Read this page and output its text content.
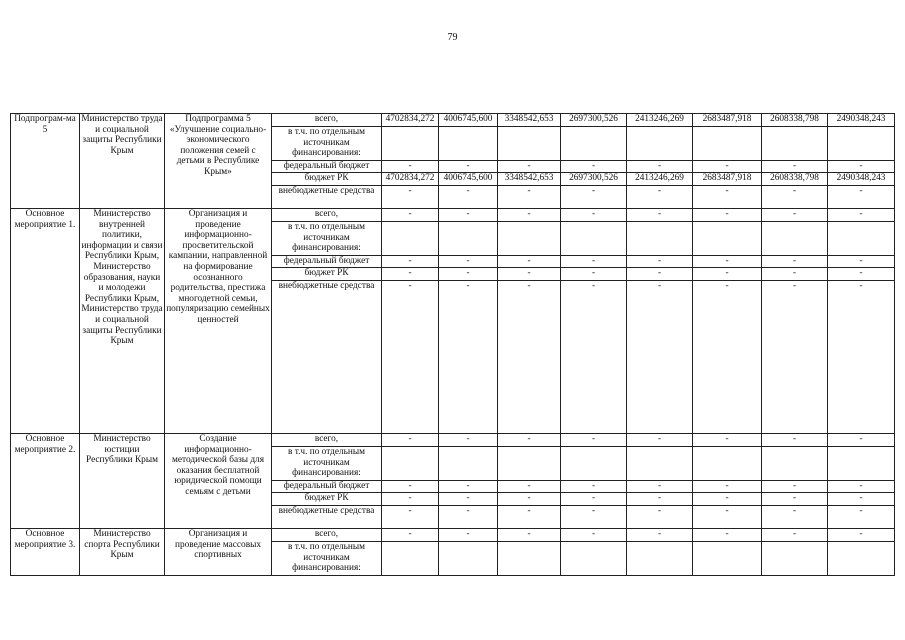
79
Подпрограм-ма 5	Министерство труда и социальной защиты Республики Крым	Подпрограмма 5 «Улучшение социально-экономического положения семей с детьми в Республике Крым»	всего,	4702834,272	4006745,600	3348542,653	2697300,526	2413246,269	2683487,918	2608338,798	2490348,243
			в т.ч. по отдельным источникам финансирования:								
			федеральный бюджет	-	-	-	-	-	-	-	-
			бюджет РК	4702834,272	4006745,600	3348542,653	2697300,526	2413246,269	2683487,918	2608338,798	2490348,243
			внебюджетные средства	-	-	-	-	-	-	-	-

Основное мероприятие 1.	Министерство внутренней политики, информации и связи Республики Крым, Министерство образования, науки и молодежи Республики Крым, Министерство труда и социальной защиты Республики Крым	Организация и проведение информационно-просветительской кампании, направленной на формирование осознанного родительства, престижа многодетной семьи, популяризацию семейных ценностей	всего,	-	-	-	-	-	-	-	-
			в т.ч. по отдельным источникам финансирования:								
			федеральный бюджет	-	-	-	-	-	-	-	-
			бюджет РК	-	-	-	-	-	-	-	-
			внебюджетные средства	-	-	-	-	-	-	-	-

Основное мероприятие 2.	Министерство юстиции Республики Крым	Создание информационно-методической базы для оказания бесплатной юридической помощи семьям с детьми	всего,	-	-	-	-	-	-	-	-
			в т.ч. по отдельным источникам финансирования:								
			федеральный бюджет	-	-	-	-	-	-	-	-
			бюджет РК	-	-	-	-	-	-	-	-
			внебюджетные средства	-	-	-	-	-	-	-	-

Основное мероприятие 3.	Министерство спорта Республики Крым	Организация и проведение массовых спортивных	всего,	-	-	-	-	-	-	-	-
			в т.ч. по отдельным источникам финансирования:								
